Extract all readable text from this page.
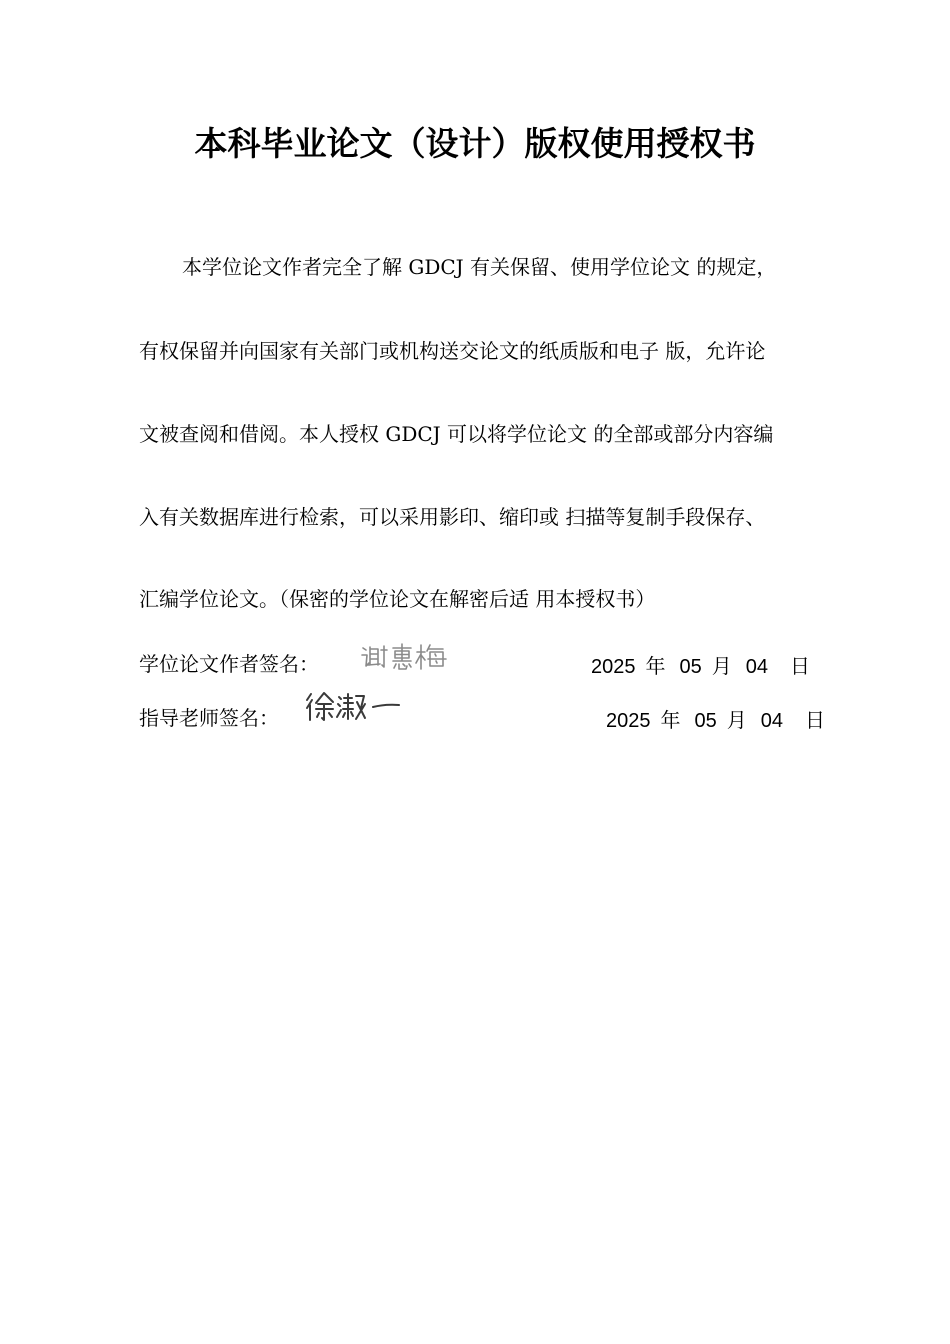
本科毕业论文（设计）版权使用授权书
本学位论文作者完全了解 GDCJ 有关保留、使用学位论文 的规定，
有权保留并向国家有关部门或机构送交论文的纸质版和电子 版，允许论
文被查阅和借阅。本人授权 GDCJ 可以将学位论文 的全部或部分内容编
入有关数据库进行检索，可以采用影印、缩印或 扫描等复制手段保存、
汇编学位论文。（保密的学位论文在解密后适 用本授权书）
学位论文作者签名：	2025 年 05 月 04 日
指导老师签名：	2025 年 05 月 04 日
